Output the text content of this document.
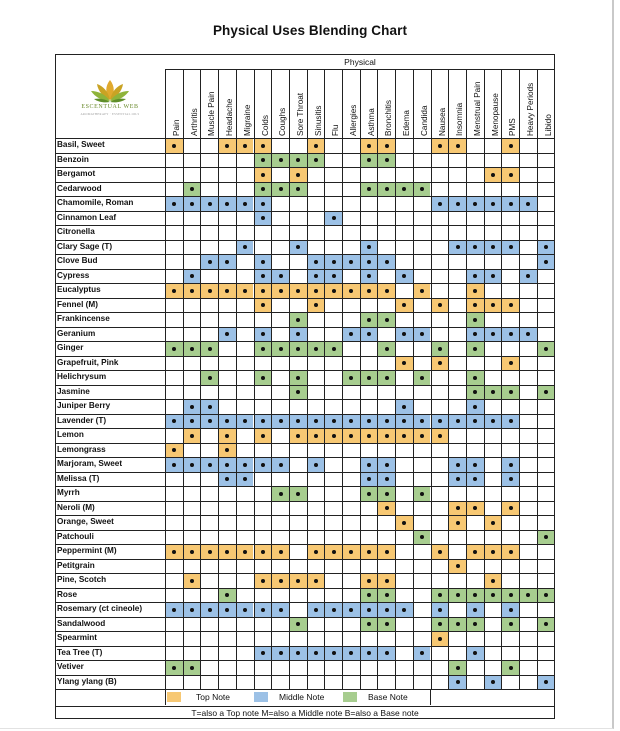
Physical Uses Blending Chart
ESCENTUAL WEB
AROMATHERAPY · ESSENTIAL OILS
Physical
Pain Arthritis Muscle Pain Headache Migraine Colds Coughs Sore Throat Sinusitis Flu Allergies Asthma Bronchitis Edema Candida Nausea Insomnia Menstrual Pain Menopause PMS Heavy Periods Libido
Basil, Sweet
Benzoin
Bergamot
Cedarwood
Chamomile, Roman
Cinnamon Leaf
Citronella
Clary Sage (T)
Clove Bud
Cypress
Eucalyptus
Fennel (M)
Frankincense
Geranium
Ginger
Grapefruit, Pink
Helichrysum
Jasmine
Juniper Berry
Lavender (T)
Lemon
Lemongrass
Marjoram, Sweet
Melissa (T)
Myrrh
Neroli (M)
Orange, Sweet
Patchouli
Peppermint (M)
Petitgrain
Pine, Scotch
Rose
Rosemary (ct cineole)
Sandalwood
Spearmint
Tea Tree (T)
Vetiver
Ylang ylang (B)
Top Note	Middle Note	Base Note
T=also a Top note M=also a Middle note B=also a Base note
